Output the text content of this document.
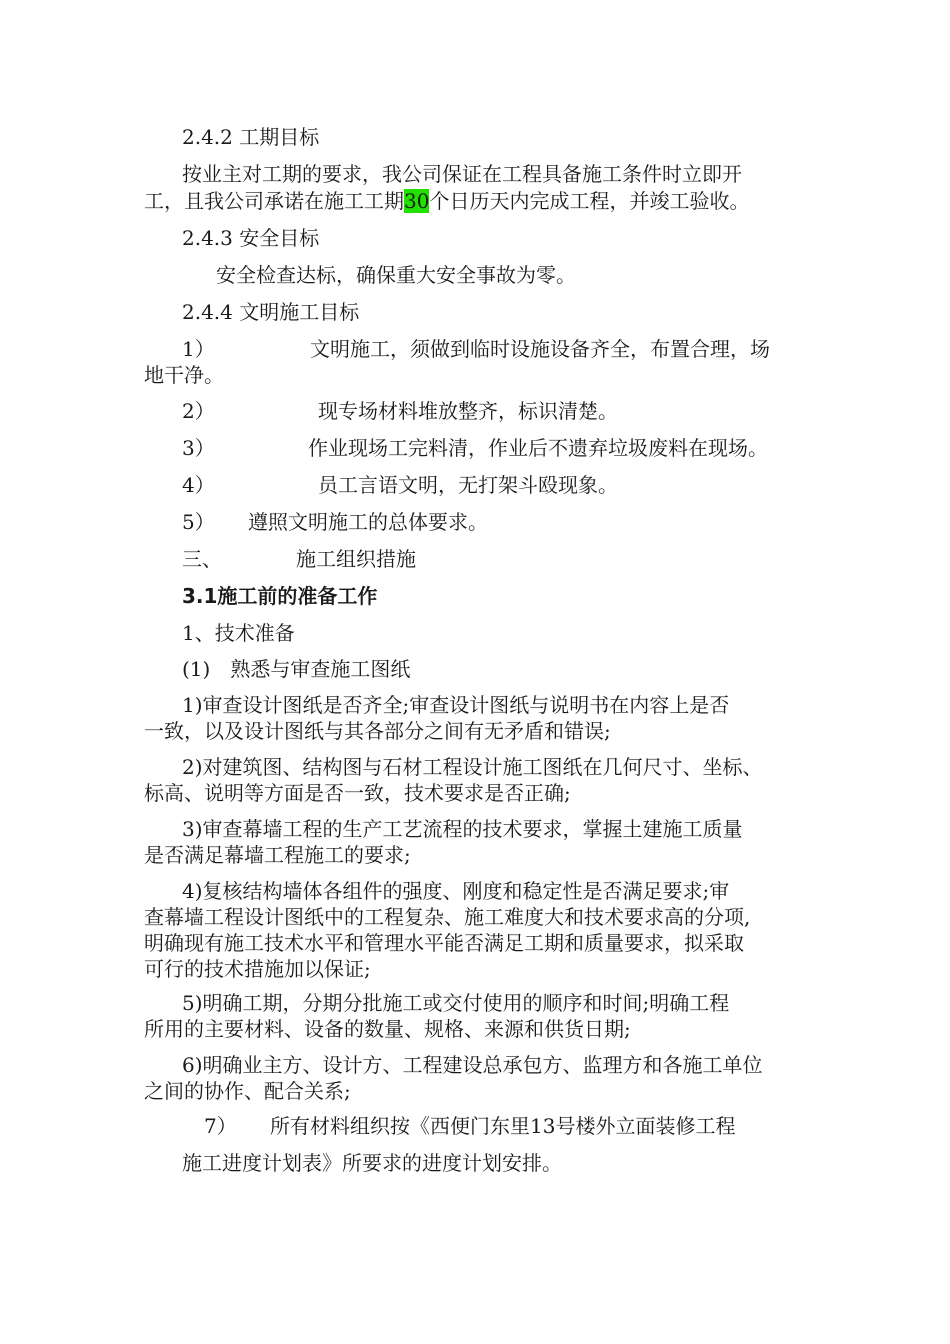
2.4.2 工期目标
按业主对工期的要求，我公司保证在工程具备施工条件时立即开
工，且我公司承诺在施工工期30个日历天内完成工程，并竣工验收。
2.4.3 安全目标
安全检查达标，确保重大安全事故为零。
2.4.4 文明施工目标
1）	文明施工，须做到临时设施设备齐全，布置合理，场
地干净。
2）	现专场材料堆放整齐，标识清楚。
3）	作业现场工完料清，作业后不遗弃垃圾废料在现场。
4）	员工言语文明，无打架斗殴现象。
5） 遵照文明施工的总体要求。
三、	施工组织措施
3.1施工前的准备工作
1、技术准备
(1)　熟悉与审查施工图纸
1)审查设计图纸是否齐全;审查设计图纸与说明书在内容上是否
一致，以及设计图纸与其各部分之间有无矛盾和错误;
2)对建筑图、结构图与石材工程设计施工图纸在几何尺寸、坐标、
标高、说明等方面是否一致，技术要求是否正确;
3)审查幕墙工程的生产工艺流程的技术要求，掌握土建施工质量
是否满足幕墙工程施工的要求;
4)复核结构墙体各组件的强度、刚度和稳定性是否满足要求;审
查幕墙工程设计图纸中的工程复杂、施工难度大和技术要求高的分项,
明确现有施工技术水平和管理水平能否满足工期和质量要求，拟采取
可行的技术措施加以保证;
5)明确工期，分期分批施工或交付使用的顺序和时间;明确工程
所用的主要材料、设备的数量、规格、来源和供货日期;
6)明确业主方、设计方、工程建设总承包方、监理方和各施工单位
之间的协作、配合关系;
7） 所有材料组织按《西便门东里13号楼外立面装修工程
施工进度计划表》所要求的进度计划安排。
